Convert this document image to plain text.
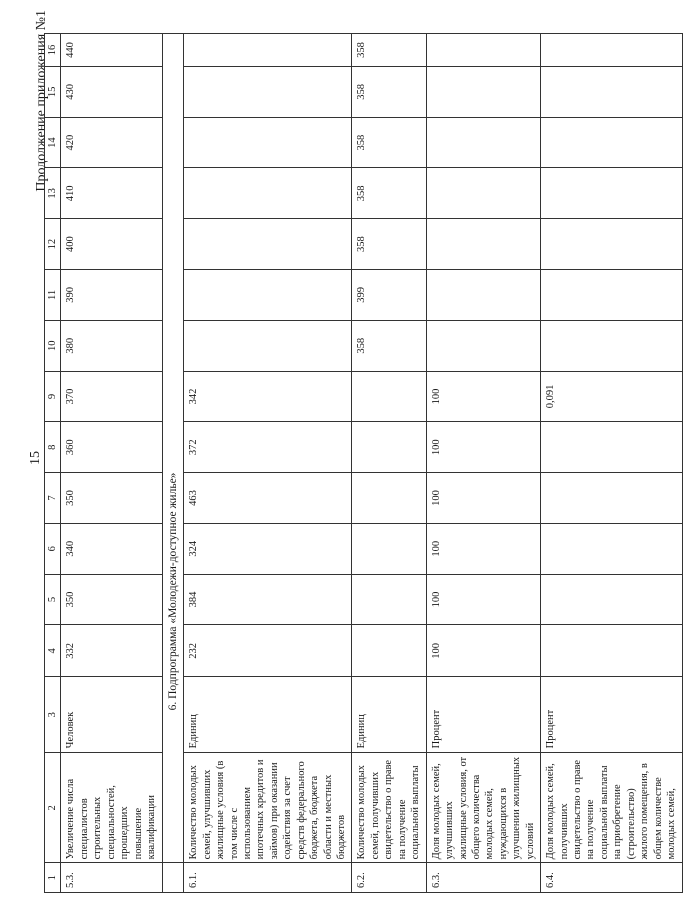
15
Продолжение приложения №1
1	2	3	4	5	6	7	8	9	10	11	12	13	14	15	16
5.3.	Увеличение числа специалистов строительных специальностей, прошедших повышение квалификации	Человек	332	350	340	350	360	370	380	390	400	410	420	430	440
	6. Подпрограмма «Молодежи-доступное жилье»														
6.1.	Количество молодых семей, улучшивших жилищные условия (в том числе с использованием ипотечных кредитов и займов) при оказании содействия за счет средств федерального бюджета, бюджета области и местных бюджетов	Единиц	232	384	324	463	372	342							
6.2.	Количество молодых семей, получивших свидетельство о праве на получение социальной выплаты	Единиц							358	399	358	358	358	358	358
6.3.	Доля молодых семей, улучшивших жилищные условия, от общего количества молодых семей, нуждающихся в улучшении жилищных условий	Процент	100	100	100	100	100	100							
6.4.	Доля молодых семей, получивших свидетельство о праве на получение социальной выплаты на приобретение (строительство) жилого помещения, в общем количестве молодых семей,	Процент						0,091							
